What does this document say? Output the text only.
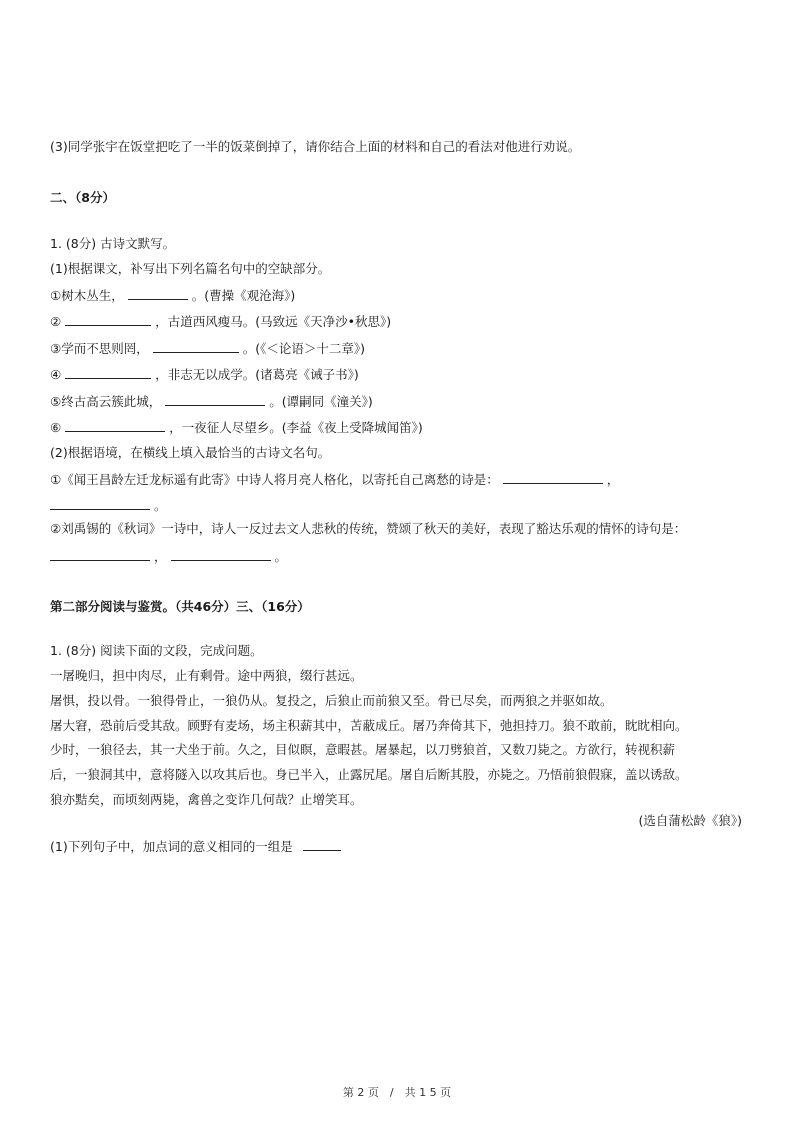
(3)同学张宇在饭堂把吃了一半的饭菜倒掉了，请你结合上面的材料和自己的看法对他进行劝说。
二、（8分）
1. (8分) 古诗文默写。
(1)根据课文，补写出下列名篇名句中的空缺部分。
①树木丛生，	。(曹操《观沧海》)
②	，古道西风瘦马。(马致远《天净沙•秋思》)
③学而不思则罔，	。(《＜论语＞十二章》)
④	，非志无以成学。(诸葛亮《诫子书》)
⑤终古高云簇此城，	。(谭嗣同《潼关》)
⑥	，一夜征人尽望乡。(李益《夜上受降城闻笛》)
(2)根据语境，在横线上填入最恰当的古诗文名句。
①《闻王昌龄左迁龙标遥有此寄》中诗人将月亮人格化，以寄托自己离愁的诗是：	，
。
②刘禹锡的《秋词》一诗中，诗人一反过去文人悲秋的传统，赞颂了秋天的美好，表现了豁达乐观的情怀的诗句是：
，	。
第二部分阅读与鉴赏。（共46分）三、（16分）
1. (8分) 阅读下面的文段，完成问题。
一屠晚归，担中肉尽，止有剩骨。途中两狼，缀行甚远。
屠惧，投以骨。一狼得骨止，一狼仍从。复投之，后狼止而前狼又至。骨已尽矣，而两狼之并驱如故。
屠大窘，恐前后受其敌。顾野有麦场，场主积薪其中，苫蔽成丘。屠乃奔倚其下，弛担持刀。狼不敢前，眈眈相向。
少时，一狼径去，其一犬坐于前。久之，目似瞑，意暇甚。屠暴起，以刀劈狼首，又数刀毙之。方欲行，转视积薪
后，一狼洞其中，意将隧入以攻其后也。身已半入，止露尻尾。屠自后断其股，亦毙之。乃悟前狼假寐，盖以诱敌。
狼亦黠矣，而顷刻两毙，禽兽之变诈几何哉？止增笑耳。
(选自蒲松龄《狼》)
(1)下列句子中，加点词的意义相同的一组是
第 2 页　/　共 1 5 页
